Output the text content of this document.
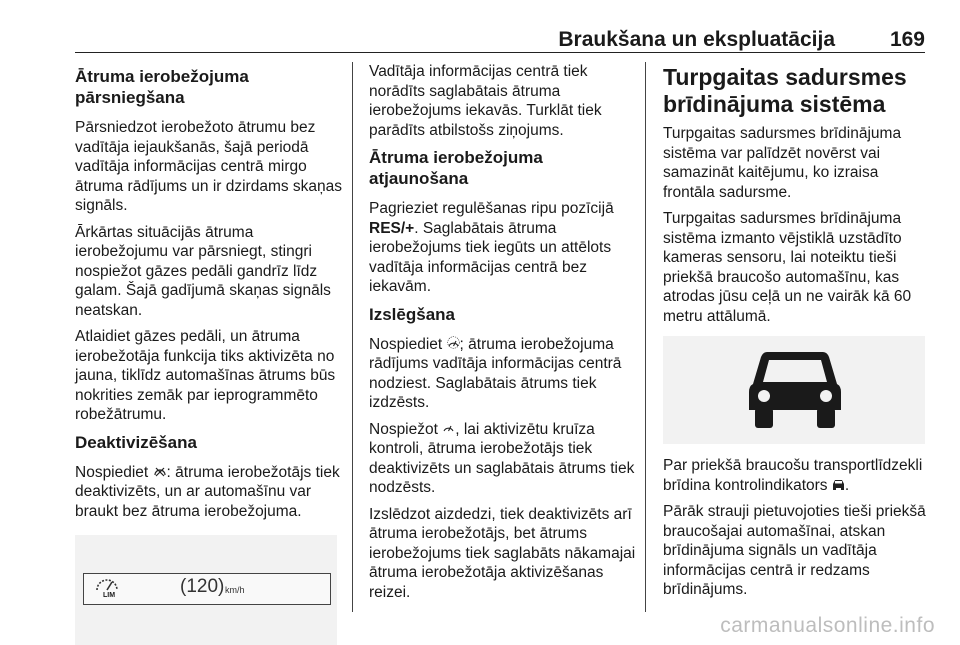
Braukšana un ekspluatācija	169
Ātruma ierobežojuma pārsniegšana

Pārsniedzot ierobežoto ātrumu bez vadītāja iejaukšanās, šajā periodā vadītāja informācijas centrā mirgo ātruma rādījums un ir dzirdams skaņas signāls.

Ārkārtas situācijās ātruma ierobežojumu var pārsniegt, stingri nospiežot gāzes pedāli gandrīz līdz galam. Šajā gadījumā skaņas signāls neatskan.

Atlaidiet gāzes pedāli, un ātruma ierobežotāja funkcija tiks aktivizēta no jauna, tiklīdz automašīnas ātrums būs nokrities zemāk par ieprogrammēto robežātrumu.

Deaktivizēšana

Nospiediet : ātruma ierobežotājs tiek deaktivizēts, un ar automašīnu var braukt bez ātruma ierobežojuma.

LIM	(120) km/h

Vadītāja informācijas centrā tiek norādīts saglabātais ātruma ierobežojums iekavās. Turklāt tiek parādīts atbilstošs ziņojums.

Ātruma ierobežojuma atjaunošana

Pagrieziet regulēšanas ripu pozīcijā RES/+. Saglabātais ātruma ierobežojums tiek iegūts un attēlots vadītāja informācijas centrā bez iekavām.

Izslēgšana

Nospiediet ; ātruma ierobežojuma rādījums vadītāja informācijas centrā nodziest. Saglabātais ātrums tiek izdzēsts.

Nospiežot , lai aktivizētu kruīza kontroli, ātruma ierobežotājs tiek deaktivizēts un saglabātais ātrums tiek nodzēsts.

Izslēdzot aizdedzi, tiek deaktivizēts arī ātruma ierobežotājs, bet ātrums ierobežojums tiek saglabāts nākamajai ātruma ierobežotāja aktivizēšanas reizei.

Turpgaitas sadursmes brīdinājuma sistēma

Turpgaitas sadursmes brīdinājuma sistēma var palīdzēt novērst vai samazināt kaitējumu, ko izraisa frontāla sadursme.

Turpgaitas sadursmes brīdinājuma sistēma izmanto vējstiklā uzstādīto kameras sensoru, lai noteiktu tieši priekšā braucošo automašīnu, kas atrodas jūsu ceļā un ne vairāk kā 60 metru attālumā.

Par priekšā braucošu transportlīdzekli brīdina kontrolindikators .

Pārāk strauji pietuvojoties tieši priekšā braucošajai automašīnai, atskan brīdinājuma signāls un vadītāja informācijas centrā ir redzams brīdinājums.

carmanualsonline.info
